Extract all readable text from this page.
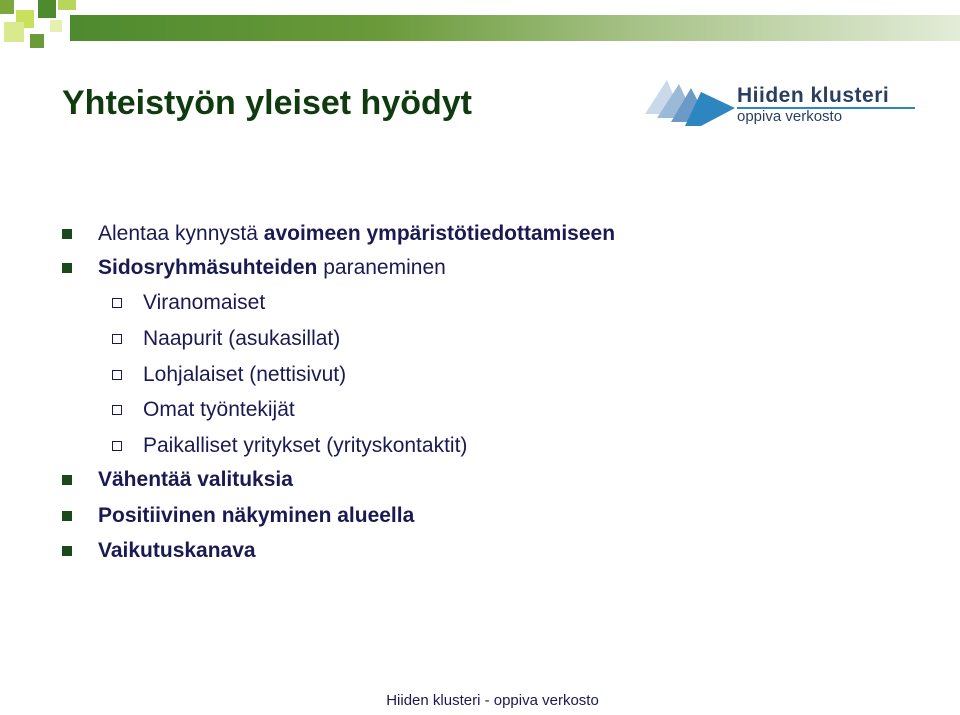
Yhteistyön yleiset hyödyt	Hiiden klusteri
oppiva verkosto
Alentaa kynnystä avoimeen ympäristötiedottamiseen
Sidosryhmäsuhteiden paraneminen
Viranomaiset
Naapurit (asukasillat)
Lohjalaiset (nettisivut)
Omat työntekijät
Paikalliset yritykset (yrityskontaktit)
Vähentää valituksia
Positiivinen näkyminen alueella
Vaikutuskanava
Hiiden klusteri - oppiva verkosto
